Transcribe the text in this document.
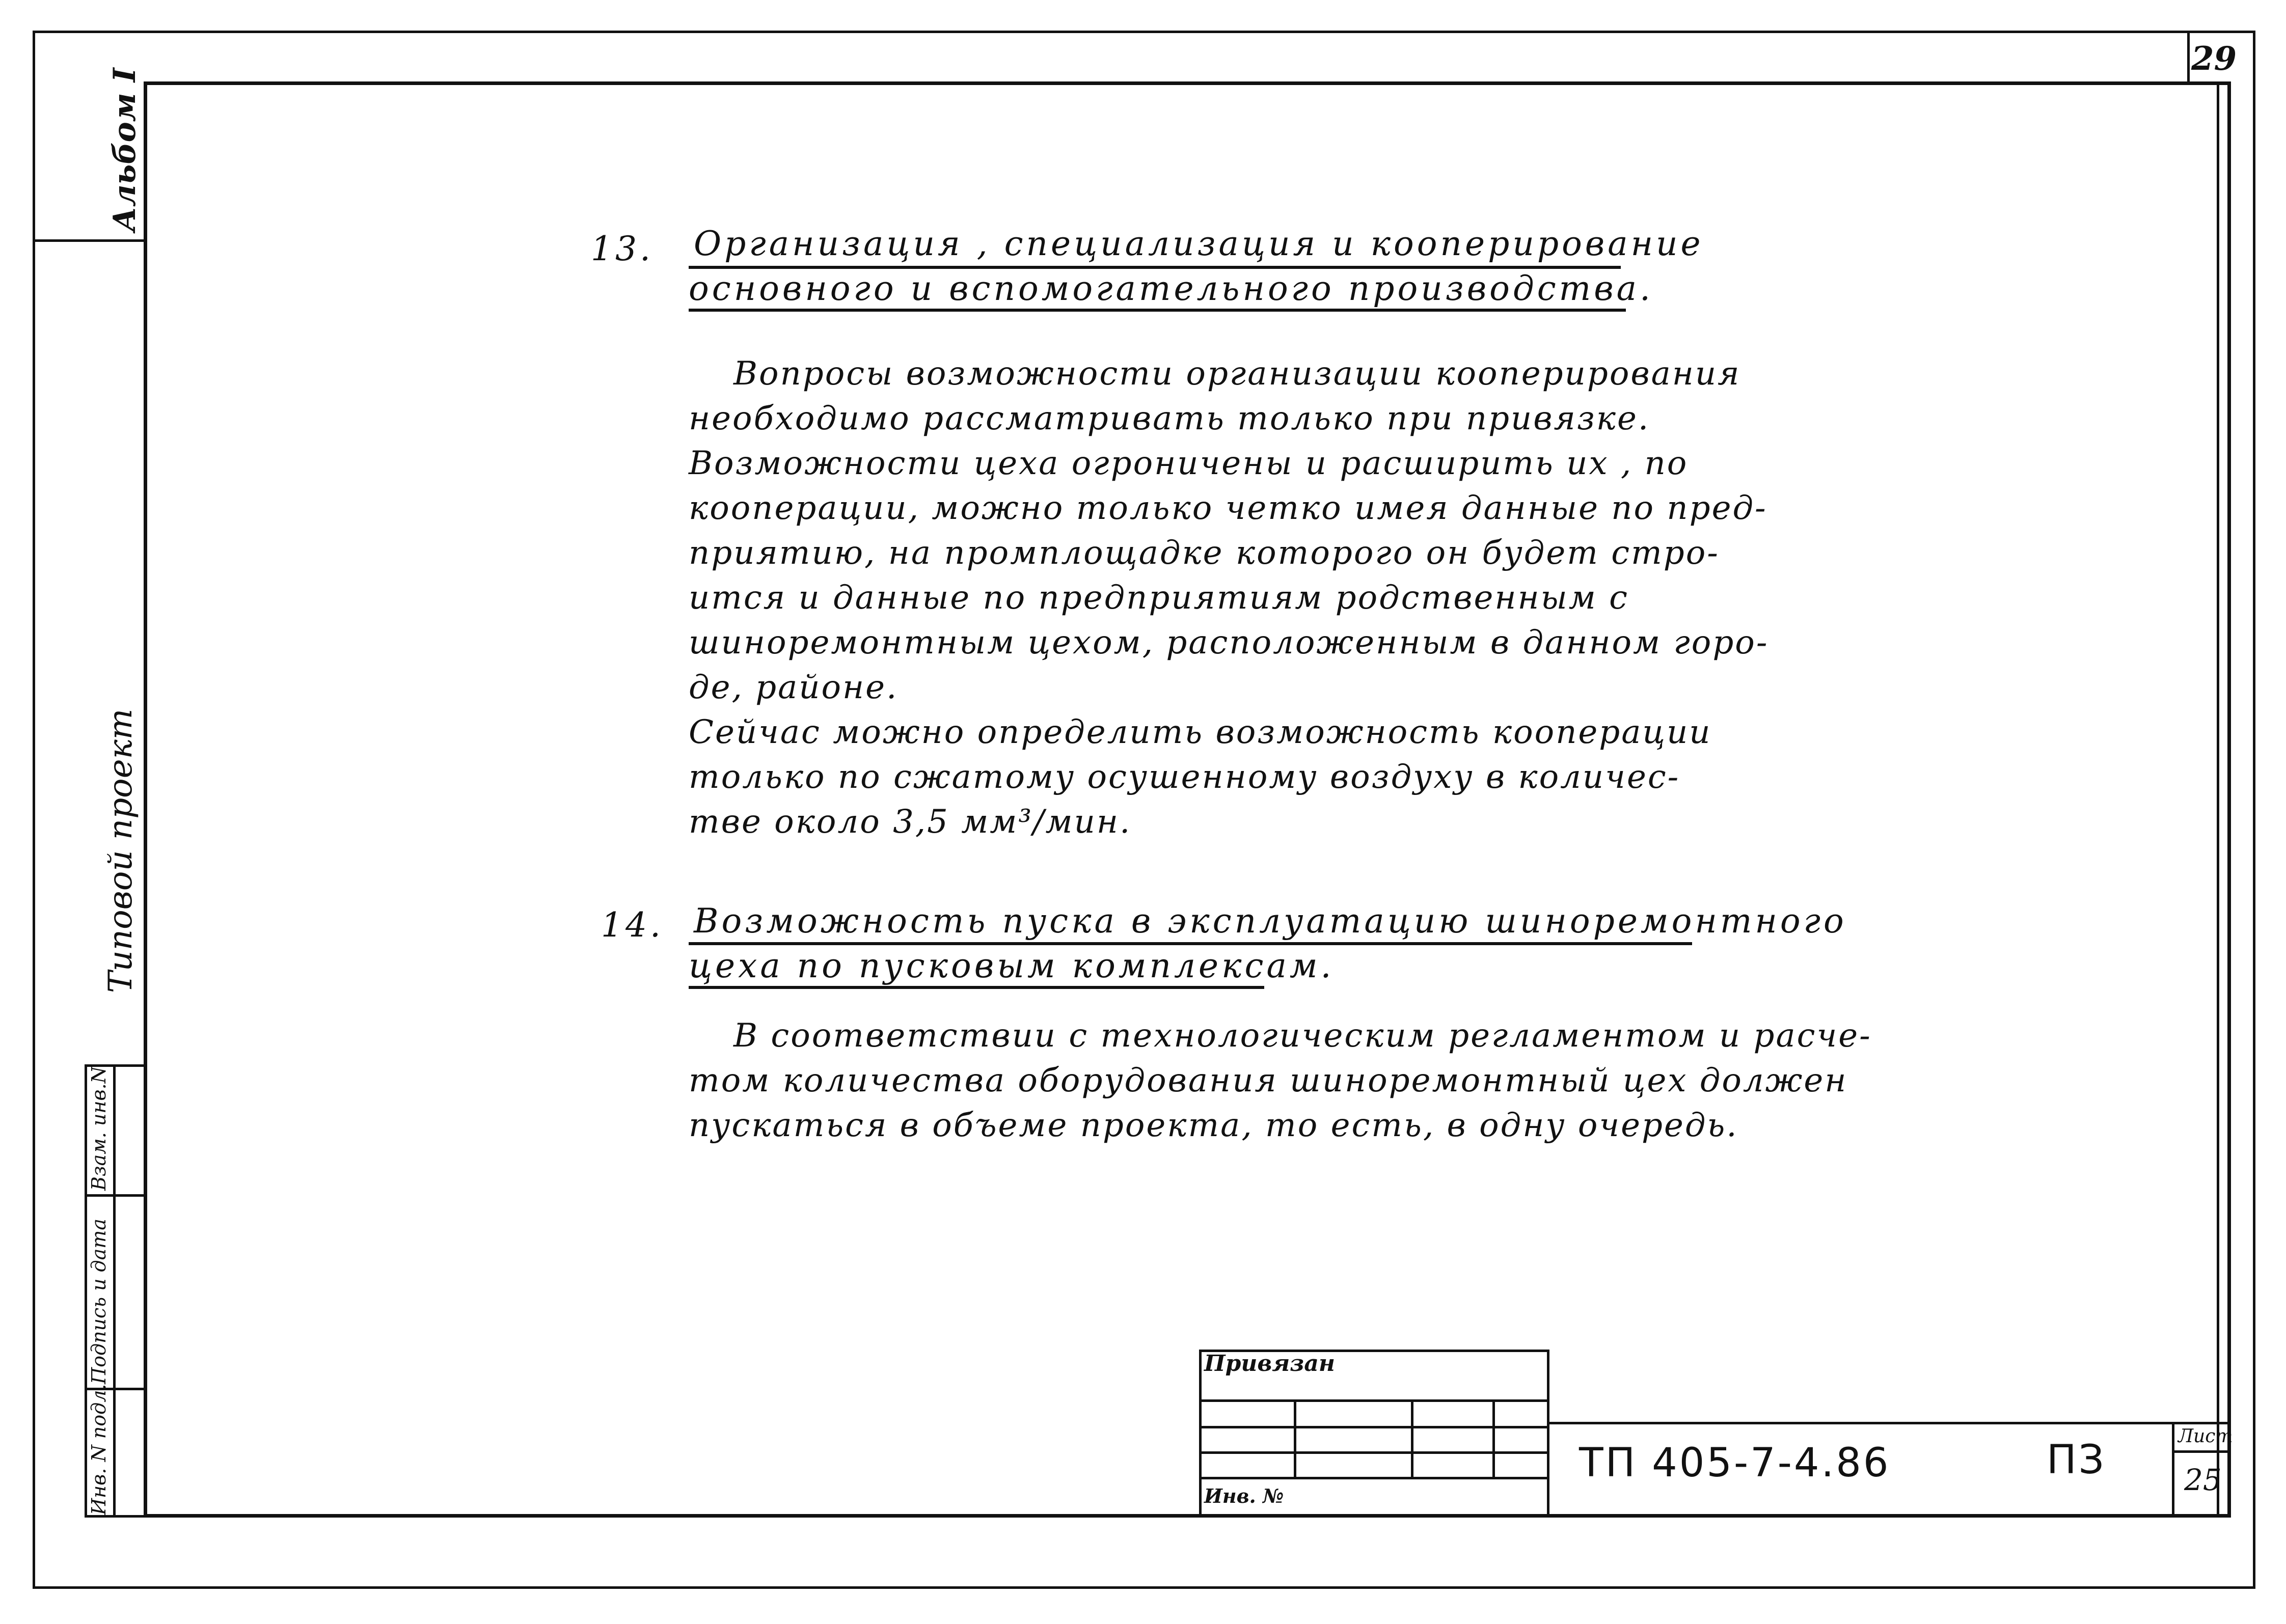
29
Альбом I
Типовой проект
Взам. инв.N
Подпись и дата
Инв. N подл.
13. Организация , специализация и кооперирование
основного и вспомогательного производства.
Вопросы возможности организации кооперирования
необходимо рассматривать только при привязке.
Возможности цеха огроничены и расширить их , по
кооперации, можно только четко имея данные по пред-
приятию, на промплощадке которого он будет стро-
ится и данные по предприятиям родственным с
шиноремонтным цехом, расположенным в данном горо-
де, районе.
Сейчас можно определить возможность кооперации
только по сжатому осушенному воздуху в количес-
тве около 3,5 мм³/мин.
14. Возможность пуска в эксплуатацию шиноремонтного
цеха по пусковым комплексам.
В соответствии с технологическим регламентом и расче-
том количества оборудования шиноремонтный цех должен
пускаться в объеме проекта, то есть, в одну очередь.
Привязан
Инв. №
ТП 405-7-4.86	ПЗ
Лист
25
